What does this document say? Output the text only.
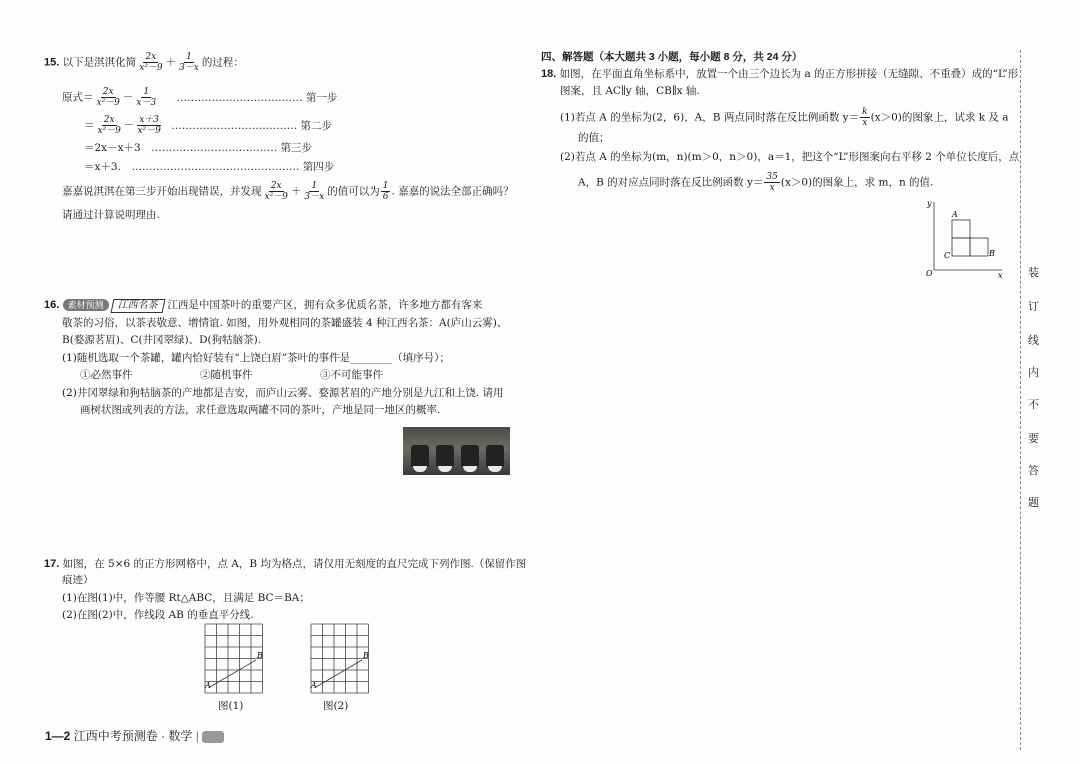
15. 以下是淇淇化简 $\frac{2x}{\text{x²－9}} + \frac{1}{3-x}$ 的过程：
原式＝ $\frac{2x}{\text{x²－9}} - \frac{1}{x-3}$ ……………………………… 第一步
＝ $\frac{2x}{\text{x²－9}} - \frac{x+3}{\text{x²－9}}$ ……………………………… 第二步
＝2x－x＋3　……………………………… 第三步
＝x＋3.　………………………………………… 第四步
嘉嘉说淇淇在第三步开始出现错误，并发现 $\frac{2x}{\text{x²－9}} + \frac{1}{3-x}$ 的值可以为 $\frac{1}{6}$ . 嘉嘉的说法全部正确吗？
请通过计算说明理由.
16. 素材预测 江西名茶 江西是中国茶叶的重要产区，拥有众多优质名茶，许多地方都有客来
敬茶的习俗，以茶表敬意、增情谊. 如图，用外观相同的茶罐盛装 4 种江西名茶：A(庐山云雾)、
B(婺源茗眉)、C(井冈翠绿)、D(狗牯脑茶).
(1)随机选取一个茶罐，罐内恰好装有“上饶白眉”茶叶的事件是________（填序号）；
①必然事件	②随机事件	③不可能事件
(2)井冈翠绿和狗牯脑茶的产地都是吉安，而庐山云雾、婺源茗眉的产地分别是九江和上饶. 请用
画树状图或列表的方法，求任意选取两罐不同的茶叶，产地是同一地区的概率.
17. 如图，在 5×6 的正方形网格中，点 A，B 均为格点，请仅用无刻度的直尺完成下列作图.（保留作图
痕迹）
(1)在图(1)中，作等腰 Rt△ABC，且满足 BC＝BA；
(2)在图(2)中，作线段 AB 的垂直平分线.
A
B
A
B
图(1)	图(2)
四、解答题（本大题共 3 小题，每小题 8 分，共 24 分）
18. 如图，在平面直角坐标系中，放置一个由三个边长为 a 的正方形拼接（无缝隙、不重叠）成的“L”形
图案，且 AC∥y 轴，CB∥x 轴.
(1)若点 A 的坐标为(2，6)，A，B 两点同时落在反比例函数 $y= \frac{k}{x} (x>0)$的图象上，试求 k 及 a
的值；
(2)若点 A 的坐标为(m，n)(m＞0，n＞0)，a＝1，把这个“L”形图案向右平移 2 个单位长度后，点
A，B 的对应点同时落在反比例函数 $y= \frac{35}{x} (x>0)$的图象上，求 m，n 的值.
y
x
O
A
B
C
装
订
线
内
不
要
答
题
1—2 江西中考预测卷 · 数学 |
